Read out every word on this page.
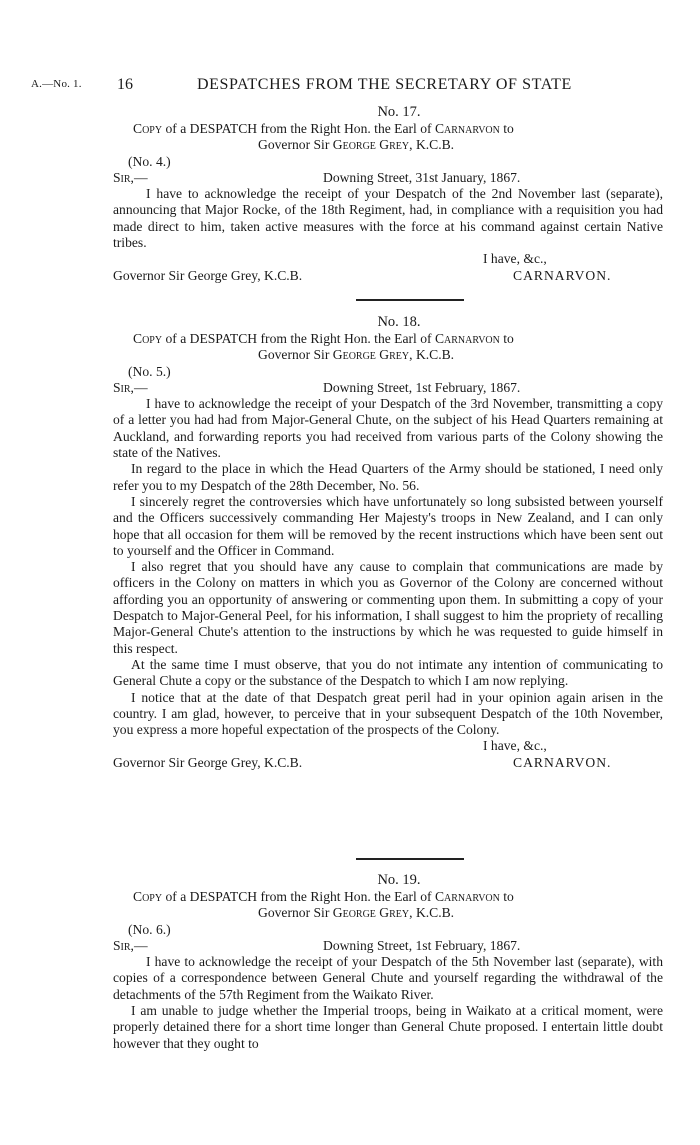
A.—No. 1. 16	DESPATCHES FROM THE SECRETARY OF STATE
No. 17.
Copy of a DESPATCH from the Right Hon. the Earl of Carnarvon to
Governor Sir George Grey, K.C.B.
(No. 4.)
Sir,—	Downing Street, 31st January, 1867.

I have to acknowledge the receipt of your Despatch of the 2nd November last (separate), announcing that Major Rocke, of the 18th Regiment, had, in compliance with a requisition you had made direct to him, taken active measures with the force at his command against certain Native tribes.

I have, &c.,
Governor Sir George Grey, K.C.B.	CARNARVON.
No. 18.
Copy of a DESPATCH from the Right Hon. the Earl of Carnarvon to
Governor Sir George Grey, K.C.B.
(No. 5.)
Sir,—	Downing Street, 1st February, 1867.

I have to acknowledge the receipt of your Despatch of the 3rd November, transmitting a copy of a letter you had had from Major-General Chute, on the subject of his Head Quarters remaining at Auckland, and forwarding reports you had received from various parts of the Colony showing the state of the Natives.

In regard to the place in which the Head Quarters of the Army should be stationed, I need only refer you to my Despatch of the 28th December, No. 56.

I sincerely regret the controversies which have unfortunately so long subsisted between yourself and the Officers successively commanding Her Majesty's troops in New Zealand, and I can only hope that all occasion for them will be removed by the recent instructions which have been sent out to yourself and the Officer in Command.

I also regret that you should have any cause to complain that communications are made by officers in the Colony on matters in which you as Governor of the Colony are concerned without affording you an opportunity of answering or commenting upon them. In submitting a copy of your Despatch to Major-General Peel, for his information, I shall suggest to him the propriety of recalling Major-General Chute's attention to the instructions by which he was requested to guide himself in this respect.

At the same time I must observe, that you do not intimate any intention of communicating to General Chute a copy or the substance of the Despatch to which I am now replying.

I notice that at the date of that Despatch great peril had in your opinion again arisen in the country. I am glad, however, to perceive that in your subsequent Despatch of the 10th November, you express a more hopeful expectation of the prospects of the Colony.

I have, &c.,
Governor Sir George Grey, K.C.B.	CARNARVON.
No. 19.
Copy of a DESPATCH from the Right Hon. the Earl of Carnarvon to
Governor Sir George Grey, K.C.B.
(No. 6.)
Sir,—	Downing Street, 1st February, 1867.

I have to acknowledge the receipt of your Despatch of the 5th November last (separate), with copies of a correspondence between General Chute and yourself regarding the withdrawal of the detachments of the 57th Regiment from the Waikato River.

I am unable to judge whether the Imperial troops, being in Waikato at a critical moment, were properly detained there for a short time longer than General Chute proposed. I entertain little doubt however that they ought to
